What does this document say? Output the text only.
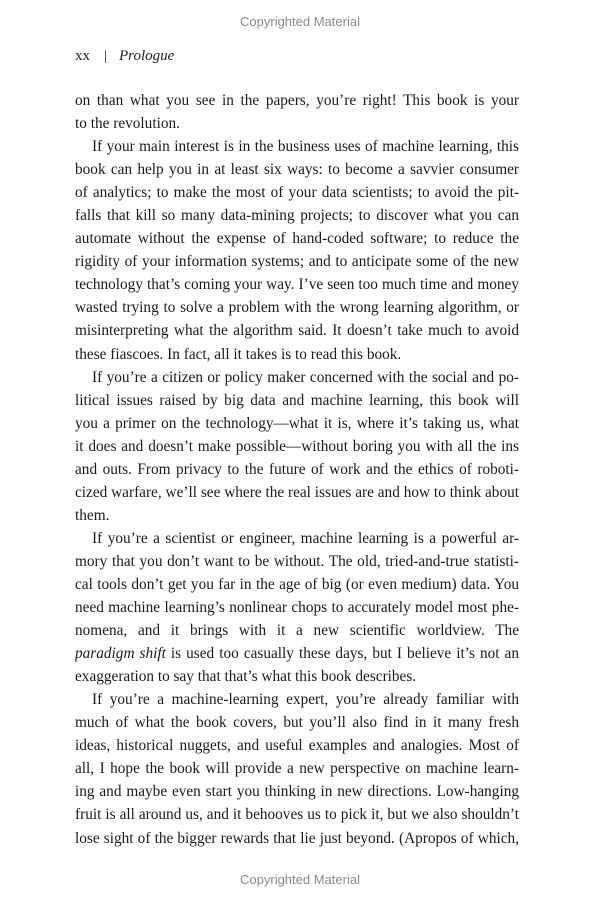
Copyrighted Material
xx | Prologue
on than what you see in the papers, you’re right! This book is your
to the revolution.
If your main interest is in the business uses of machine learning, this
book can help you in at least six ways: to become a savvier consumer
of analytics; to make the most of your data scientists; to avoid the pit-
falls that kill so many data-mining projects; to discover what you can
automate without the expense of hand-coded software; to reduce the
rigidity of your information systems; and to anticipate some of the new
technology that’s coming your way. I’ve seen too much time and money
wasted trying to solve a problem with the wrong learning algorithm, or
misinterpreting what the algorithm said. It doesn’t take much to avoid
these fiascoes. In fact, all it takes is to read this book.
If you’re a citizen or policy maker concerned with the social and po-
litical issues raised by big data and machine learning, this book will
you a primer on the technology—what it is, where it’s taking us, what
it does and doesn’t make possible—without boring you with all the ins
and outs. From privacy to the future of work and the ethics of roboti-
cized warfare, we’ll see where the real issues are and how to think about
them.
If you’re a scientist or engineer, machine learning is a powerful ar-
mory that you don’t want to be without. The old, tried-and-true statisti-
cal tools don’t get you far in the age of big (or even medium) data. You
need machine learning’s nonlinear chops to accurately model most phe-
nomena, and it brings with it a new scientific worldview. The
paradigm shift is used too casually these days, but I believe it’s not an
exaggeration to say that that’s what this book describes.
If you’re a machine-learning expert, you’re already familiar with
much of what the book covers, but you’ll also find in it many fresh
ideas, historical nuggets, and useful examples and analogies. Most of
all, I hope the book will provide a new perspective on machine learn-
ing and maybe even start you thinking in new directions. Low-hanging
fruit is all around us, and it behooves us to pick it, but we also shouldn’t
lose sight of the bigger rewards that lie just beyond. (Apropos of which,
Copyrighted Material
